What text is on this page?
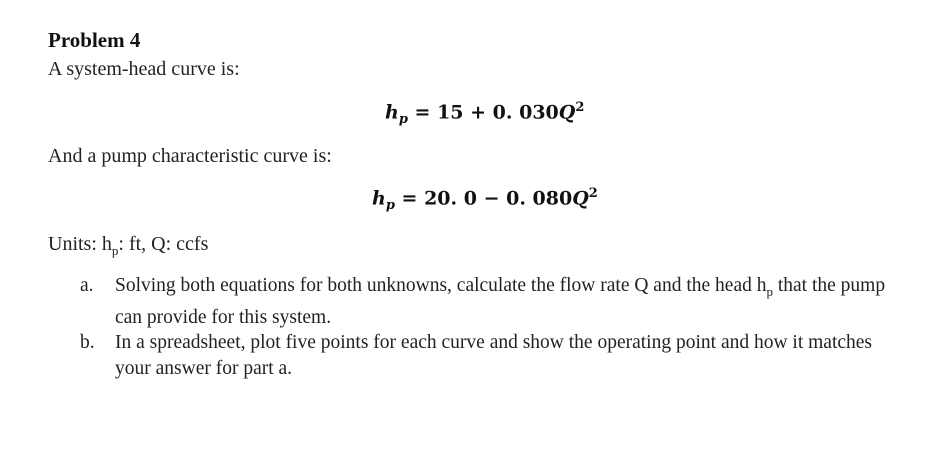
Problem 4
A system-head curve is:
$h_p = 15 + 0$. $030Q^2$
And a pump characteristic curve is:
$h_p = 20$. 0 − 0. $080Q^2$
Units: $h_p$: ft, Q: ccfs
a.	Solving both equations for both unknowns, calculate the flow rate Q and the head $h_p$ that the pump can provide for this system.
b.	In a spreadsheet, plot five points for each curve and show the operating point and how it matches your answer for part a.
